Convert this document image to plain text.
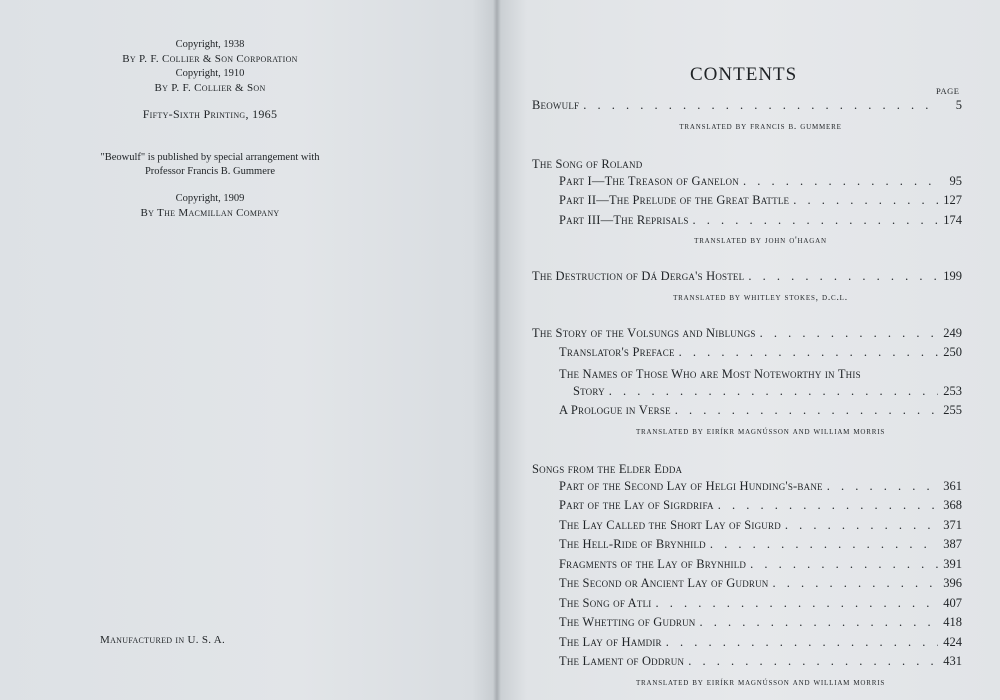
Copyright, 1938
By P. F. Collier & Son Corporation
Copyright, 1910
By P. F. Collier & Son
Fifty-Sixth Printing, 1965
"Beowulf" is published by special arrangement with
Professor Francis B. Gummere
Copyright, 1909
By The Macmillan Company
Manufactured in U. S. A.
CONTENTS
PAGE
Beowulf . . .	5
translated by francis b. gummere
The Song of Roland
Part I—The Treason of Ganelon . . .	95
Part II—The Prelude of the Great Battle . . .	127
Part III—The Reprisals . . .	174
translated by john o'hagan
The Destruction of Dá Derga's Hostel . . .	199
translated by whitley stokes, d.c.l.
The Story of the Volsungs and Niblungs . . .	249
Translator's Preface . . .	250
The Names of Those Who are Most Noteworthy in This
Story . . .	253
A Prologue in Verse . . .	255
translated by eiríkr magnússon and william morris
Songs from the Elder Edda
Part of the Second Lay of Helgi Hunding's-bane . . .	361
Part of the Lay of Sigrdrifa . . .	368
The Lay Called the Short Lay of Sigurd . . .	371
The Hell-Ride of Brynhild . . .	387
Fragments of the Lay of Brynhild . . .	391
The Second or Ancient Lay of Gudrun . . .	396
The Song of Atli . . .	407
The Whetting of Gudrun . . .	418
The Lay of Hamdir . . .	424
The Lament of Oddrun . . .	431
translated by eiríkr magnússon and william morris
